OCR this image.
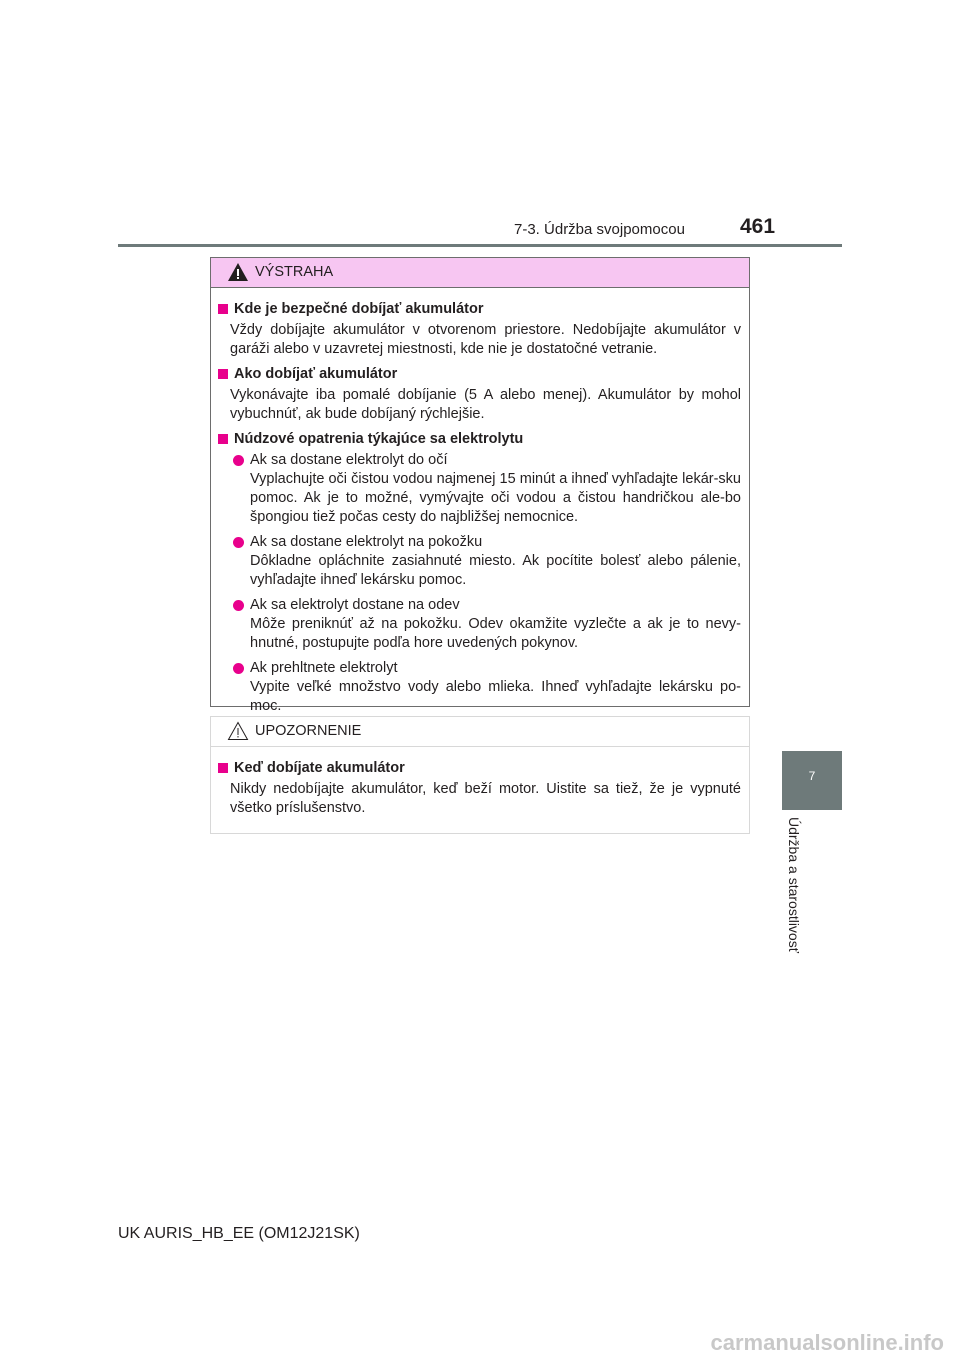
7-3. Údržba svojpomocou	461
7
Údržba a starostlivosť
VÝSTRAHA
Kde je bezpečné dobíjať akumulátor
Vždy dobíjajte akumulátor v otvorenom priestore. Nedobíjajte akumulátor v garáži alebo v uzavretej miestnosti, kde nie je dostatočné vetranie.
Ako dobíjať akumulátor
Vykonávajte iba pomalé dobíjanie (5 A alebo menej). Akumulátor by mohol vybuchnúť, ak bude dobíjaný rýchlejšie.
Núdzové opatrenia týkajúce sa elektrolytu
Ak sa dostane elektrolyt do očí
Vyplachujte oči čistou vodou najmenej 15 minút a ihneď vyhľadajte lekár-sku pomoc. Ak je to možné, vymývajte oči vodou a čistou handričkou ale-bo špongiou tiež počas cesty do najbližšej nemocnice.
Ak sa dostane elektrolyt na pokožku
Dôkladne opláchnite zasiahnuté miesto. Ak pocítite bolesť alebo pálenie, vyhľadajte ihneď lekársku pomoc.
Ak sa elektrolyt dostane na odev
Môže preniknúť až na pokožku. Odev okamžite vyzlečte a ak je to nevy-hnutné, postupujte podľa hore uvedených pokynov.
Ak prehltnete elektrolyt
Vypite veľké množstvo vody alebo mlieka. Ihneď vyhľadajte lekársku po-moc.
UPOZORNENIE
Keď dobíjate akumulátor
Nikdy nedobíjajte akumulátor, keď beží motor. Uistite sa tiež, že je vypnuté všetko príslušenstvo.
UK AURIS_HB_EE (OM12J21SK)
carmanualsonline.info
